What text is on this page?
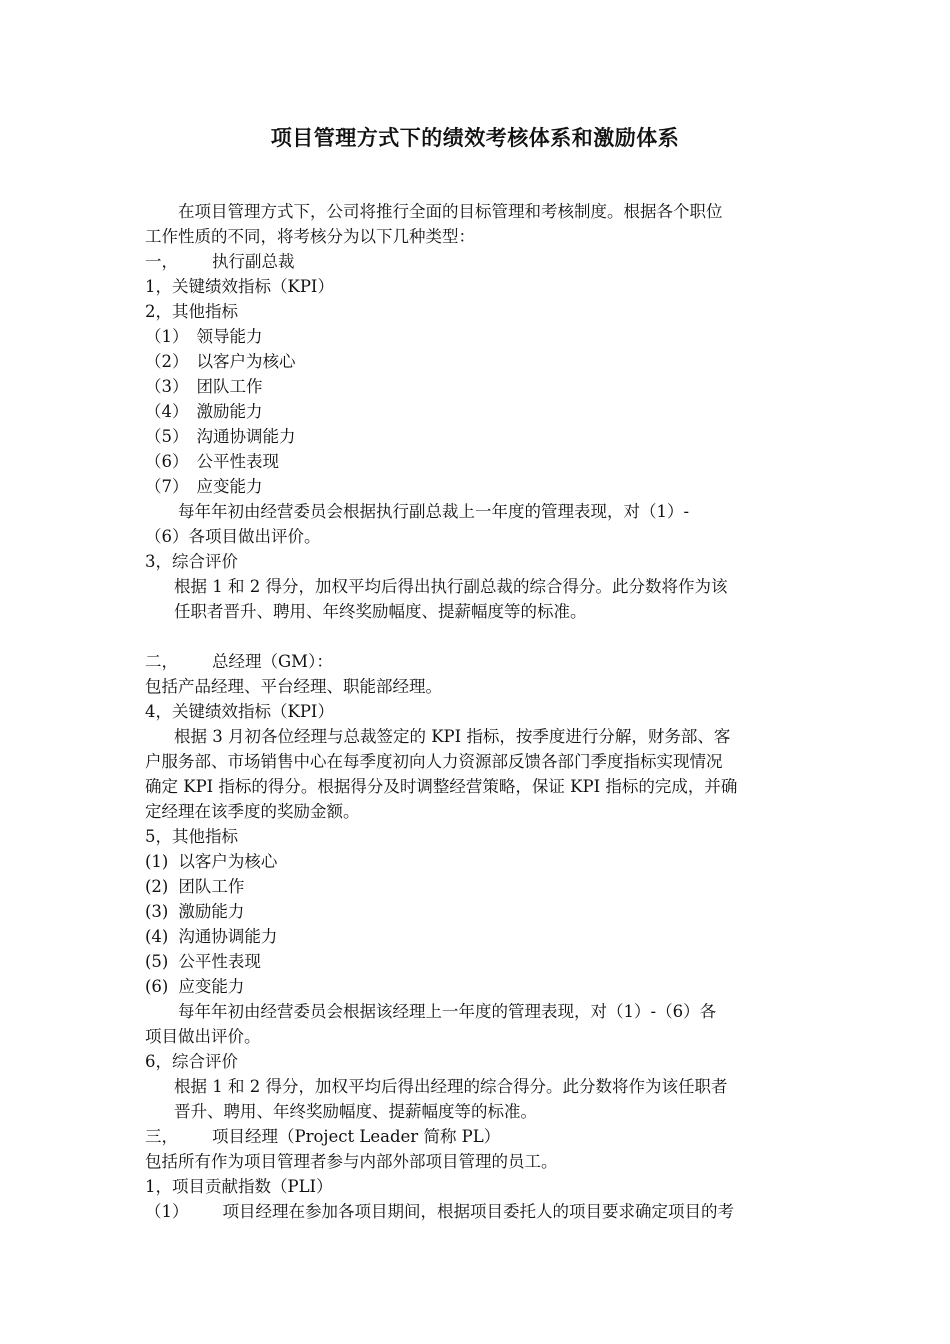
项目管理方式下的绩效考核体系和激励体系
在项目管理方式下，公司将推行全面的目标管理和考核制度。根据各个职位
工作性质的不同，将考核分为以下几种类型：
一， 执行副总裁
1，关键绩效指标（KPI）
2，其他指标
（1） 领导能力
（2） 以客户为核心
（3） 团队工作
（4） 激励能力
（5） 沟通协调能力
（6） 公平性表现
（7） 应变能力
每年年初由经营委员会根据执行副总裁上一年度的管理表现，对（1）-
（6）各项目做出评价。
3，综合评价
根据 1 和 2 得分，加权平均后得出执行副总裁的综合得分。此分数将作为该
任职者晋升、聘用、年终奖励幅度、提薪幅度等的标准。
二， 总经理（GM）：
包括产品经理、平台经理、职能部经理。
4，关键绩效指标（KPI）
根据 3 月初各位经理与总裁签定的 KPI 指标，按季度进行分解，财务部、客
户服务部、市场销售中心在每季度初向人力资源部反馈各部门季度指标实现情况
确定 KPI 指标的得分。根据得分及时调整经营策略，保证 KPI 指标的完成，并确
定经理在该季度的奖励金额。
5，其他指标
(1) 以客户为核心
(2) 团队工作
(3) 激励能力
(4) 沟通协调能力
(5) 公平性表现
(6) 应变能力
每年年初由经营委员会根据该经理上一年度的管理表现，对（1）-（6）各
项目做出评价。
6，综合评价
根据 1 和 2 得分，加权平均后得出经理的综合得分。此分数将作为该任职者
晋升、聘用、年终奖励幅度、提薪幅度等的标准。
三， 项目经理（Project Leader 简称 PL）
包括所有作为项目管理者参与内部外部项目管理的员工。
1，项目贡献指数（PLI）
（1） 项目经理在参加各项目期间，根据项目委托人的项目要求确定项目的考
